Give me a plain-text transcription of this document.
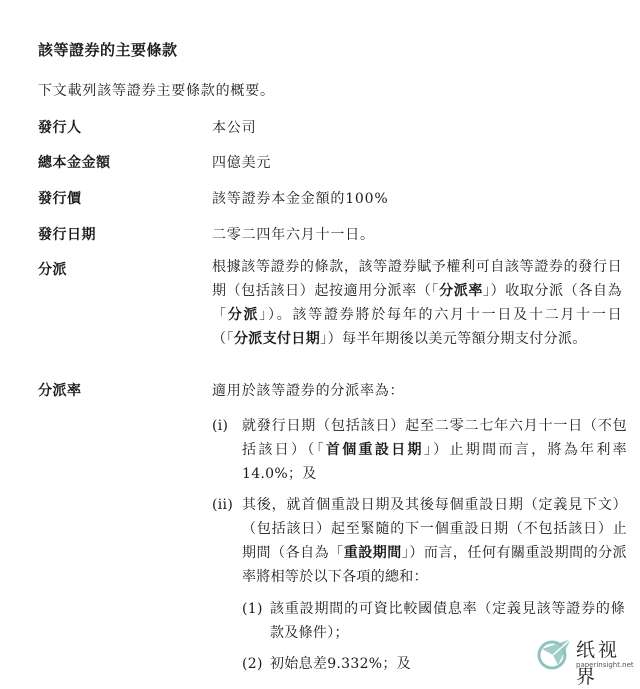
該等證券的主要條款
下文載列該等證券主要條款的概要。
發行人	本公司
總本金金額	四億美元
發行價	該等證券本金金額的100%
發行日期	二零二四年六月十一日。
分派	根據該等證券的條款，該等證券賦予權利可自該等證券的發行日期（包括該日）起按適用分派率（「分派率」）收取分派（各自為「分派」）。該等證券將於每年的六月十一日及十二月十一日（「分派支付日期」）每半年期後以美元等額分期支付分派。
分派率	適用於該等證券的分派率為：
(i) 就發行日期（包括該日）起至二零二七年六月十一日（不包括該日）（「首個重設日期」）止期間而言，將為年利率14.0%；及
(ii) 其後，就首個重設日期及其後每個重設日期（定義見下文）（包括該日）起至緊隨的下一個重設日期（不包括該日）止期間（各自為「重設期間」）而言，任何有關重設期間的分派率將相等於以下各項的總和：
(1) 該重設期間的可資比較國債息率（定義見該等證券的條款及條件）；
(2) 初始息差9.332%；及
纸视界
paperinsight.net
